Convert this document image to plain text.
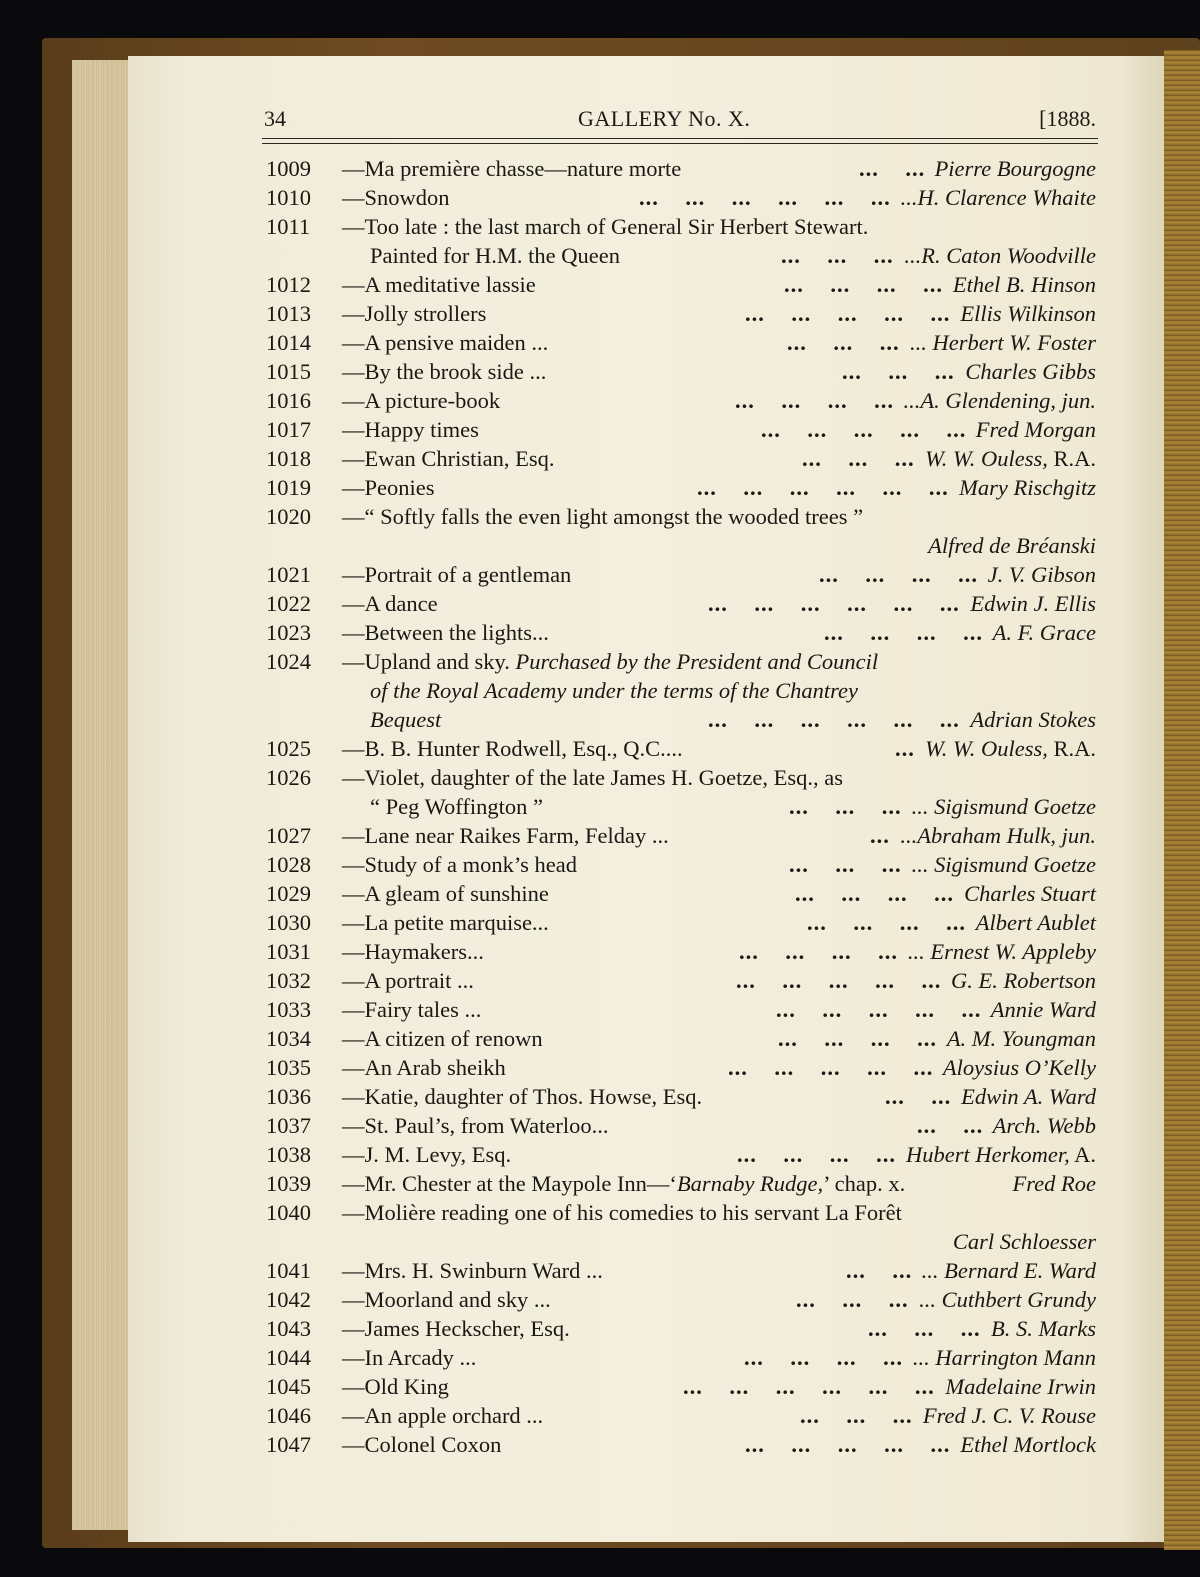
34	GALLERY No. X.	[1888.
1009 —Ma première chasse—nature morte	...    ... Pierre Bourgogne
1010 —Snowdon	...    ...    ...    ...    ...    ... ...H. Clarence Whaite
1011 —Too late : the last march of General Sir Herbert Stewart.
Painted for H.M. the Queen	...    ...    ... ...R. Caton Woodville
1012 —A meditative lassie	...    ...    ...    ... Ethel B. Hinson
1013 —Jolly strollers	...    ...    ...    ...    ... Ellis Wilkinson
1014 —A pensive maiden ...	...    ...    ... ... Herbert W. Foster
1015 —By the brook side ...	...    ...    ... Charles Gibbs
1016 —A picture-book	...    ...    ...    ... ...A. Glendening, jun.
1017 —Happy times	...    ...    ...    ...    ... Fred Morgan
1018 —Ewan Christian, Esq.	...    ...    ... W. W. Ouless, R.A.
1019 —Peonies	...    ...    ...    ...    ...    ... Mary Rischgitz
1020 —“ Softly falls the even light amongst the wooded trees ”
Alfred de Bréanski
1021 —Portrait of a gentleman	...    ...    ...    ... J. V. Gibson
1022 —A dance	...    ...    ...    ...    ...    ... Edwin J. Ellis
1023 —Between the lights...	...    ...    ...    ... A. F. Grace
1024 —Upland and sky. Purchased by the President and Council
of the Royal Academy under the terms of the Chantrey
Bequest	...    ...    ...    ...    ...    ... Adrian Stokes
1025 —B. B. Hunter Rodwell, Esq., Q.C....	... W. W. Ouless, R.A.
1026 —Violet, daughter of the late James H. Goetze, Esq., as
“ Peg Woffington ”	...    ...    ... ... Sigismund Goetze
1027 —Lane near Raikes Farm, Felday ...	... ...Abraham Hulk, jun.
1028 —Study of a monk’s head	...    ...    ... ... Sigismund Goetze
1029 —A gleam of sunshine	...    ...    ...    ... Charles Stuart
1030 —La petite marquise...	...    ...    ...    ... Albert Aublet
1031 —Haymakers...	...    ...    ...    ... ... Ernest W. Appleby
1032 —A portrait ...	...    ...    ...    ...    ... G. E. Robertson
1033 —Fairy tales ...	...    ...    ...    ...    ... Annie Ward
1034 —A citizen of renown	...    ...    ...    ... A. M. Youngman
1035 —An Arab sheikh	...    ...    ...    ...    ... Aloysius O’Kelly
1036 —Katie, daughter of Thos. Howse, Esq.	...    ... Edwin A. Ward
1037 —St. Paul’s, from Waterloo...	...    ... Arch. Webb
1038 —J. M. Levy, Esq.	...    ...    ...    ... Hubert Herkomer, A.
1039 —Mr. Chester at the Maypole Inn—‘Barnaby Rudge,’ chap. x.	Fred Roe
1040 —Molière reading one of his comedies to his servant La Forêt
Carl Schloesser
1041 —Mrs. H. Swinburn Ward ...	...    ... ... Bernard E. Ward
1042 —Moorland and sky ...	...    ...    ... ... Cuthbert Grundy
1043 —James Heckscher, Esq.	...    ...    ... B. S. Marks
1044 —In Arcady ...	...    ...    ...    ... ... Harrington Mann
1045 —Old King	...    ...    ...    ...    ...    ... Madelaine Irwin
1046 —An apple orchard ...	...    ...    ... Fred J. C. V. Rouse
1047 —Colonel Coxon	...    ...    ...    ...    ... Ethel Mortlock
